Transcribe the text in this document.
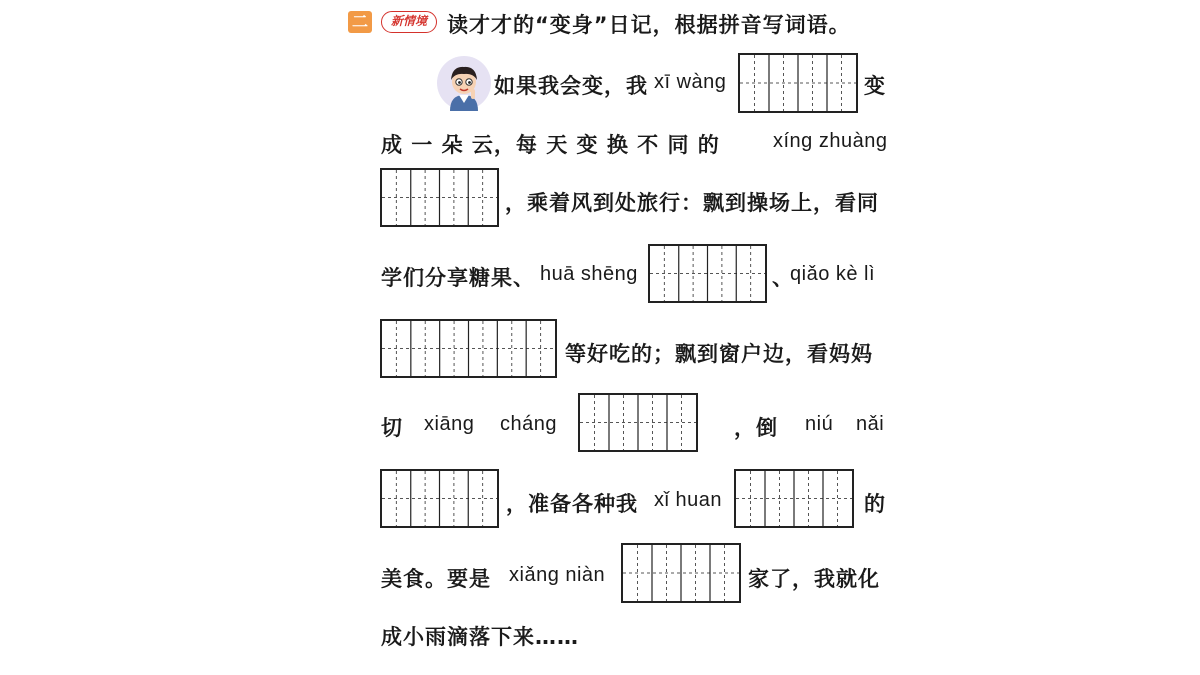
二	新情境 读才才的“变身”日记，根据拼音写词语。
如果我会变，我 xī wàng	变
成 一 朵 云，每 天 变 换 不 同 的	xíng zhuàng
，乘着风到处旅行：飘到操场上，看同
学们分享糖果、 huā shēng	、
qiǎo kè lì
等好吃的；飘到窗户边，看妈妈
切 xiāng cháng	，倒 niú nǎi
，准备各种我 xǐ huan	的
美食。要是 xiǎng niàn	家了，我就化
成小雨滴落下来……
